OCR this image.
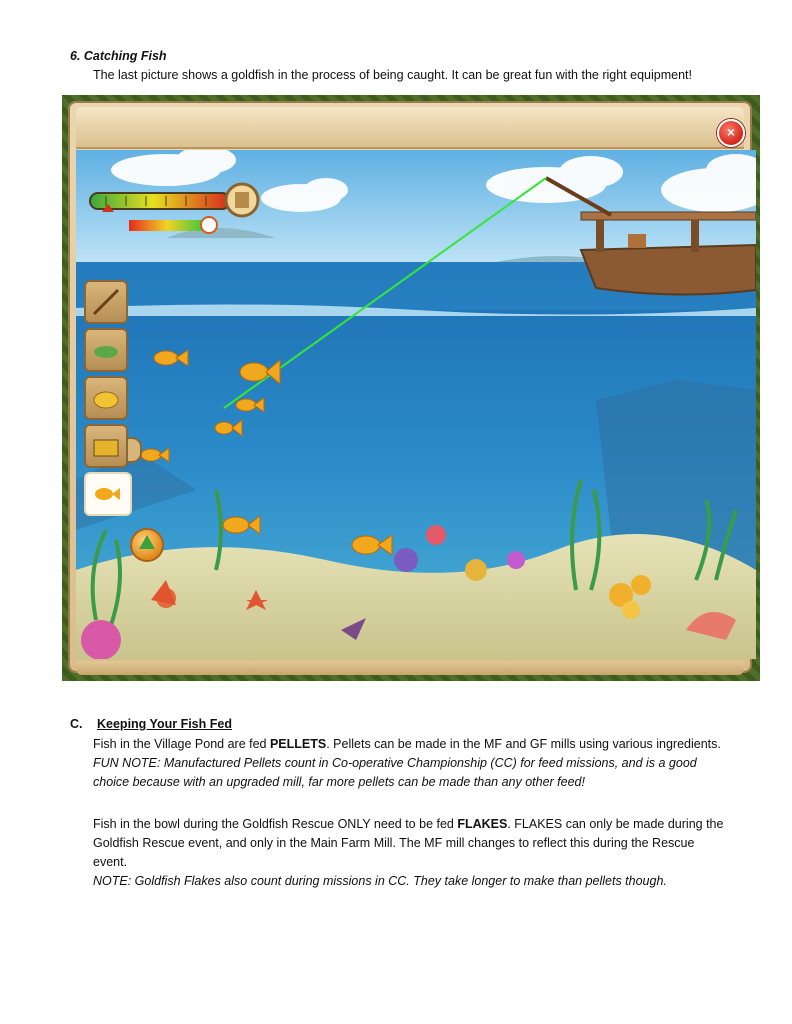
6. Catching Fish
The last picture shows a goldfish in the process of being caught. It can be great fun with the right equipment!
×
C. Keeping Your Fish Fed
Fish in the Village Pond are fed PELLETS. Pellets can be made in the MF and GF mills using various ingredients.
FUN NOTE: Manufactured Pellets count in Co-operative Championship (CC) for feed missions, and is a good
choice because with an upgraded mill, far more pellets can be made than any other feed!
Fish in the bowl during the Goldfish Rescue ONLY need to be fed FLAKES. FLAKES can only be made during the
Goldfish Rescue event, and only in the Main Farm Mill. The MF mill changes to reflect this during the Rescue
event.
NOTE: Goldfish Flakes also count during missions in CC. They take longer to make than pellets though.
